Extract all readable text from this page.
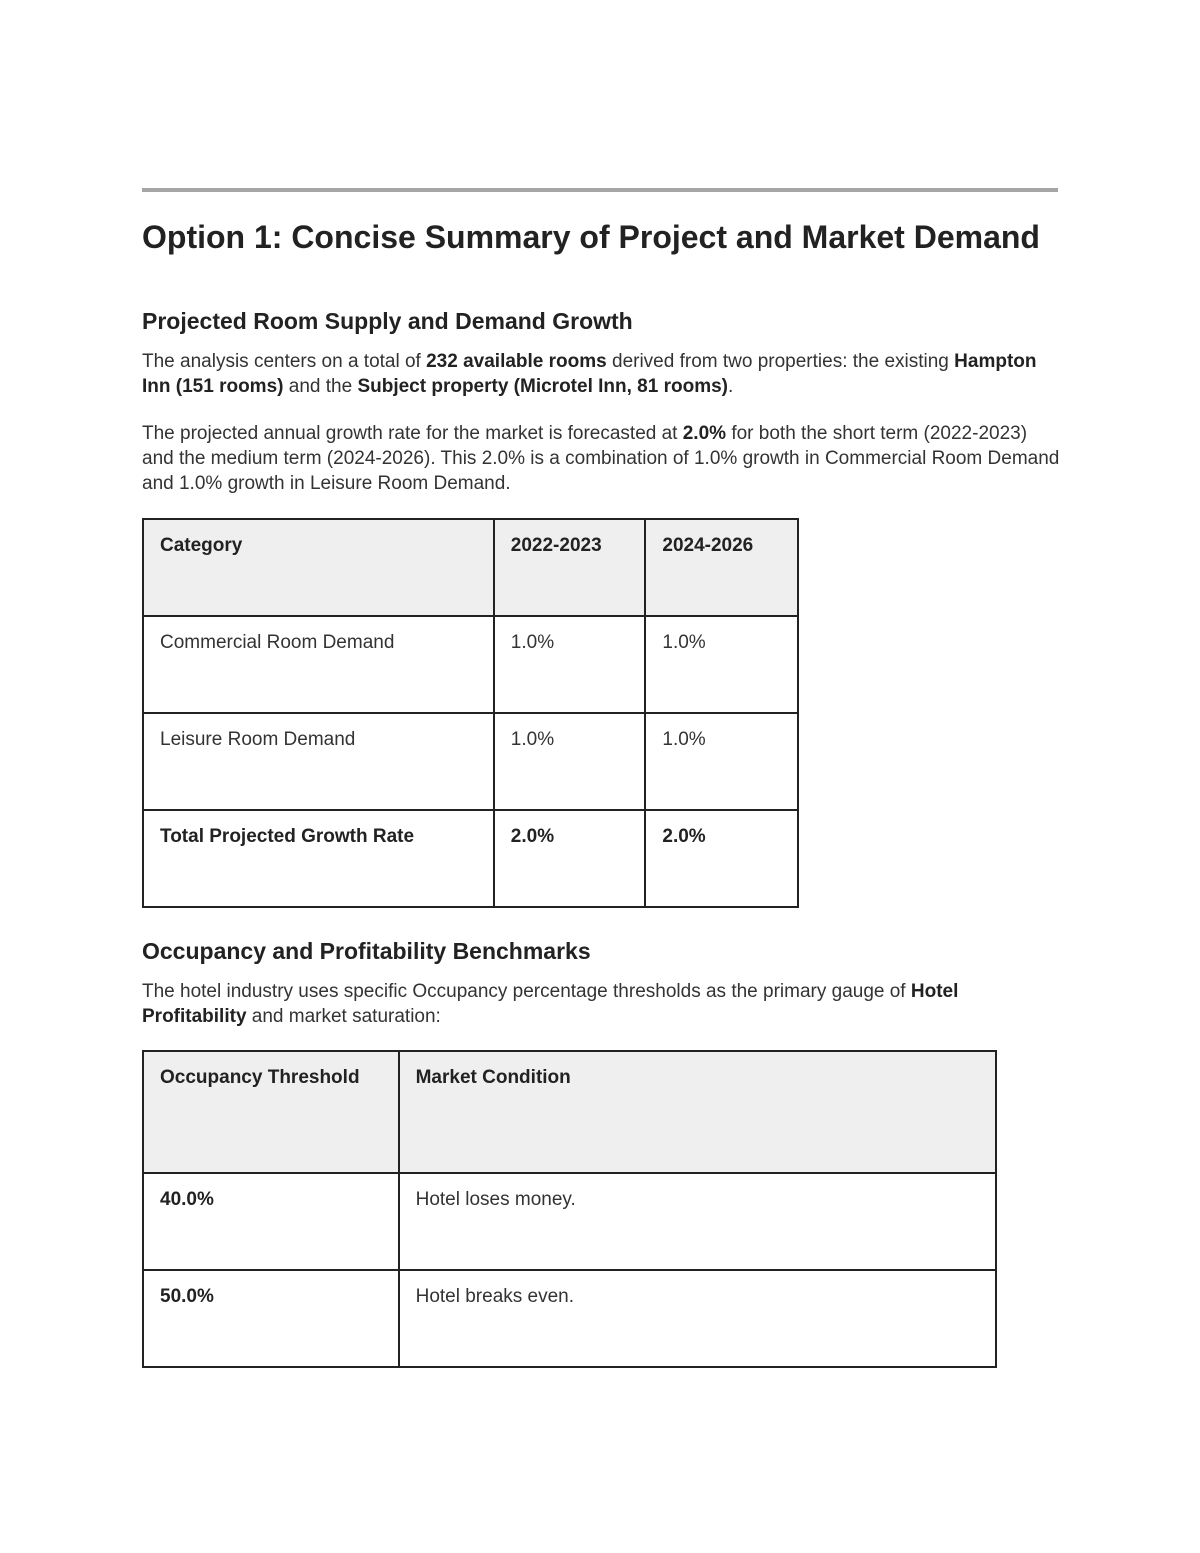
Option 1: Concise Summary of Project and Market Demand
Projected Room Supply and Demand Growth

The analysis centers on a total of 232 available rooms derived from two properties: the existing Hampton Inn (151 rooms) and the Subject property (Microtel Inn, 81 rooms).

The projected annual growth rate for the market is forecasted at 2.0% for both the short term (2022-2023) and the medium term (2024-2026). This 2.0% is a combination of 1.0% growth in Commercial Room Demand and 1.0% growth in Leisure Room Demand.

Category	2022-2023	2024-2026
Commercial Room Demand	1.0%	1.0%
Leisure Room Demand	1.0%	1.0%
Total Projected Growth Rate	2.0%	2.0%
Occupancy and Profitability Benchmarks

The hotel industry uses specific Occupancy percentage thresholds as the primary gauge of Hotel Profitability and market saturation:

Occupancy Threshold	Market Condition
40.0%	Hotel loses money.
50.0%	Hotel breaks even.
